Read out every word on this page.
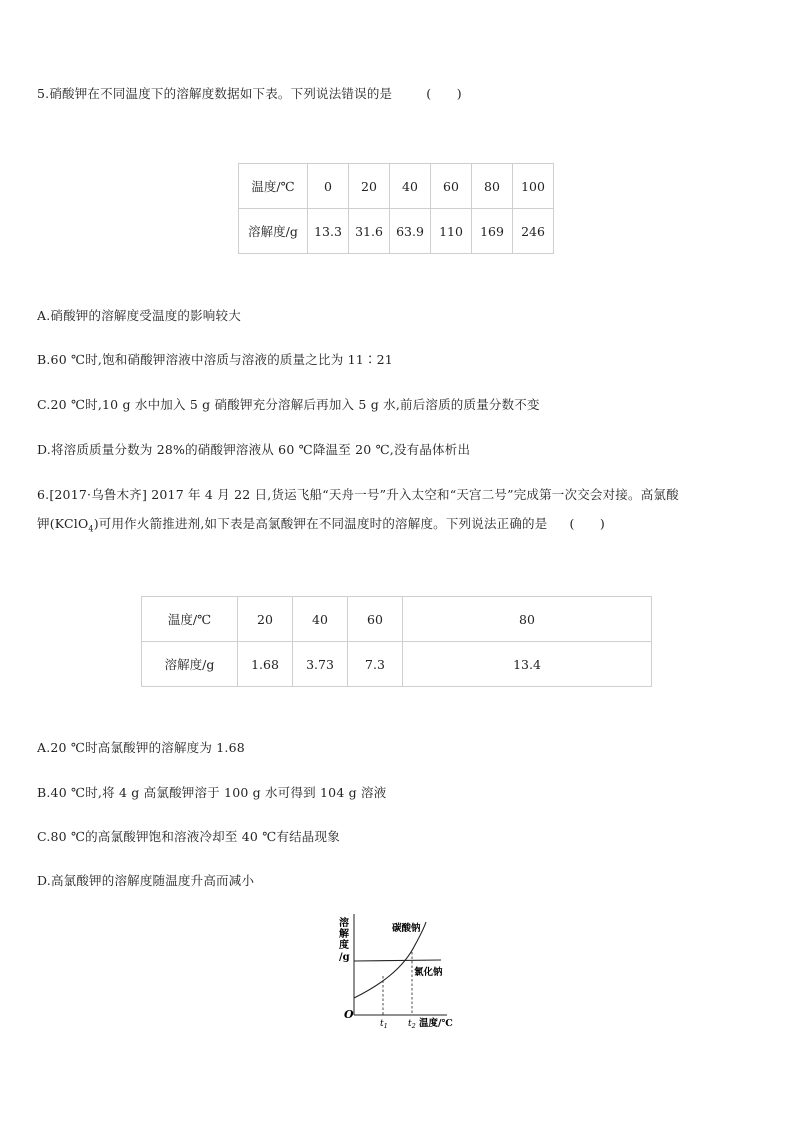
5.硝酸钾在不同温度下的溶解度数据如下表。下列说法错误的是	(　　)
温度/℃	0	20	40	60	80	100
溶解度/g	13.3	31.6	63.9	110	169	246
A.硝酸钾的溶解度受温度的影响较大
B.60 ℃时,饱和硝酸钾溶液中溶质与溶液的质量之比为 11∶21
C.20 ℃时,10 g 水中加入 5 g 硝酸钾充分溶解后再加入 5 g 水,前后溶质的质量分数不变
D.将溶质质量分数为 28%的硝酸钾溶液从 60 ℃降温至 20 ℃,没有晶体析出
6.[2017·乌鲁木齐] 2017 年 4 月 22 日,货运飞船“天舟一号”升入太空和“天宫二号”完成第一次交会对接。高氯酸
钾(KClO$_4$)可用作火箭推进剂,如下表是高氯酸钾在不同温度时的溶解度。下列说法正确的是 (　　)
温度/℃	20	40	60	80
溶解度/g	1.68	3.73	7.3	13.4
A.20 ℃时高氯酸钾的溶解度为 1.68
B.40 ℃时,将 4 g 高氯酸钾溶于 100 g 水可得到 104 g 溶液
C.80 ℃的高氯酸钾饱和溶液冷却至 40 ℃有结晶现象
D.高氯酸钾的溶解度随温度升高而减小
溶
解
度
/g
O
碳酸钠
氯化钠
$t_1$ $t_2$ 温度/℃
